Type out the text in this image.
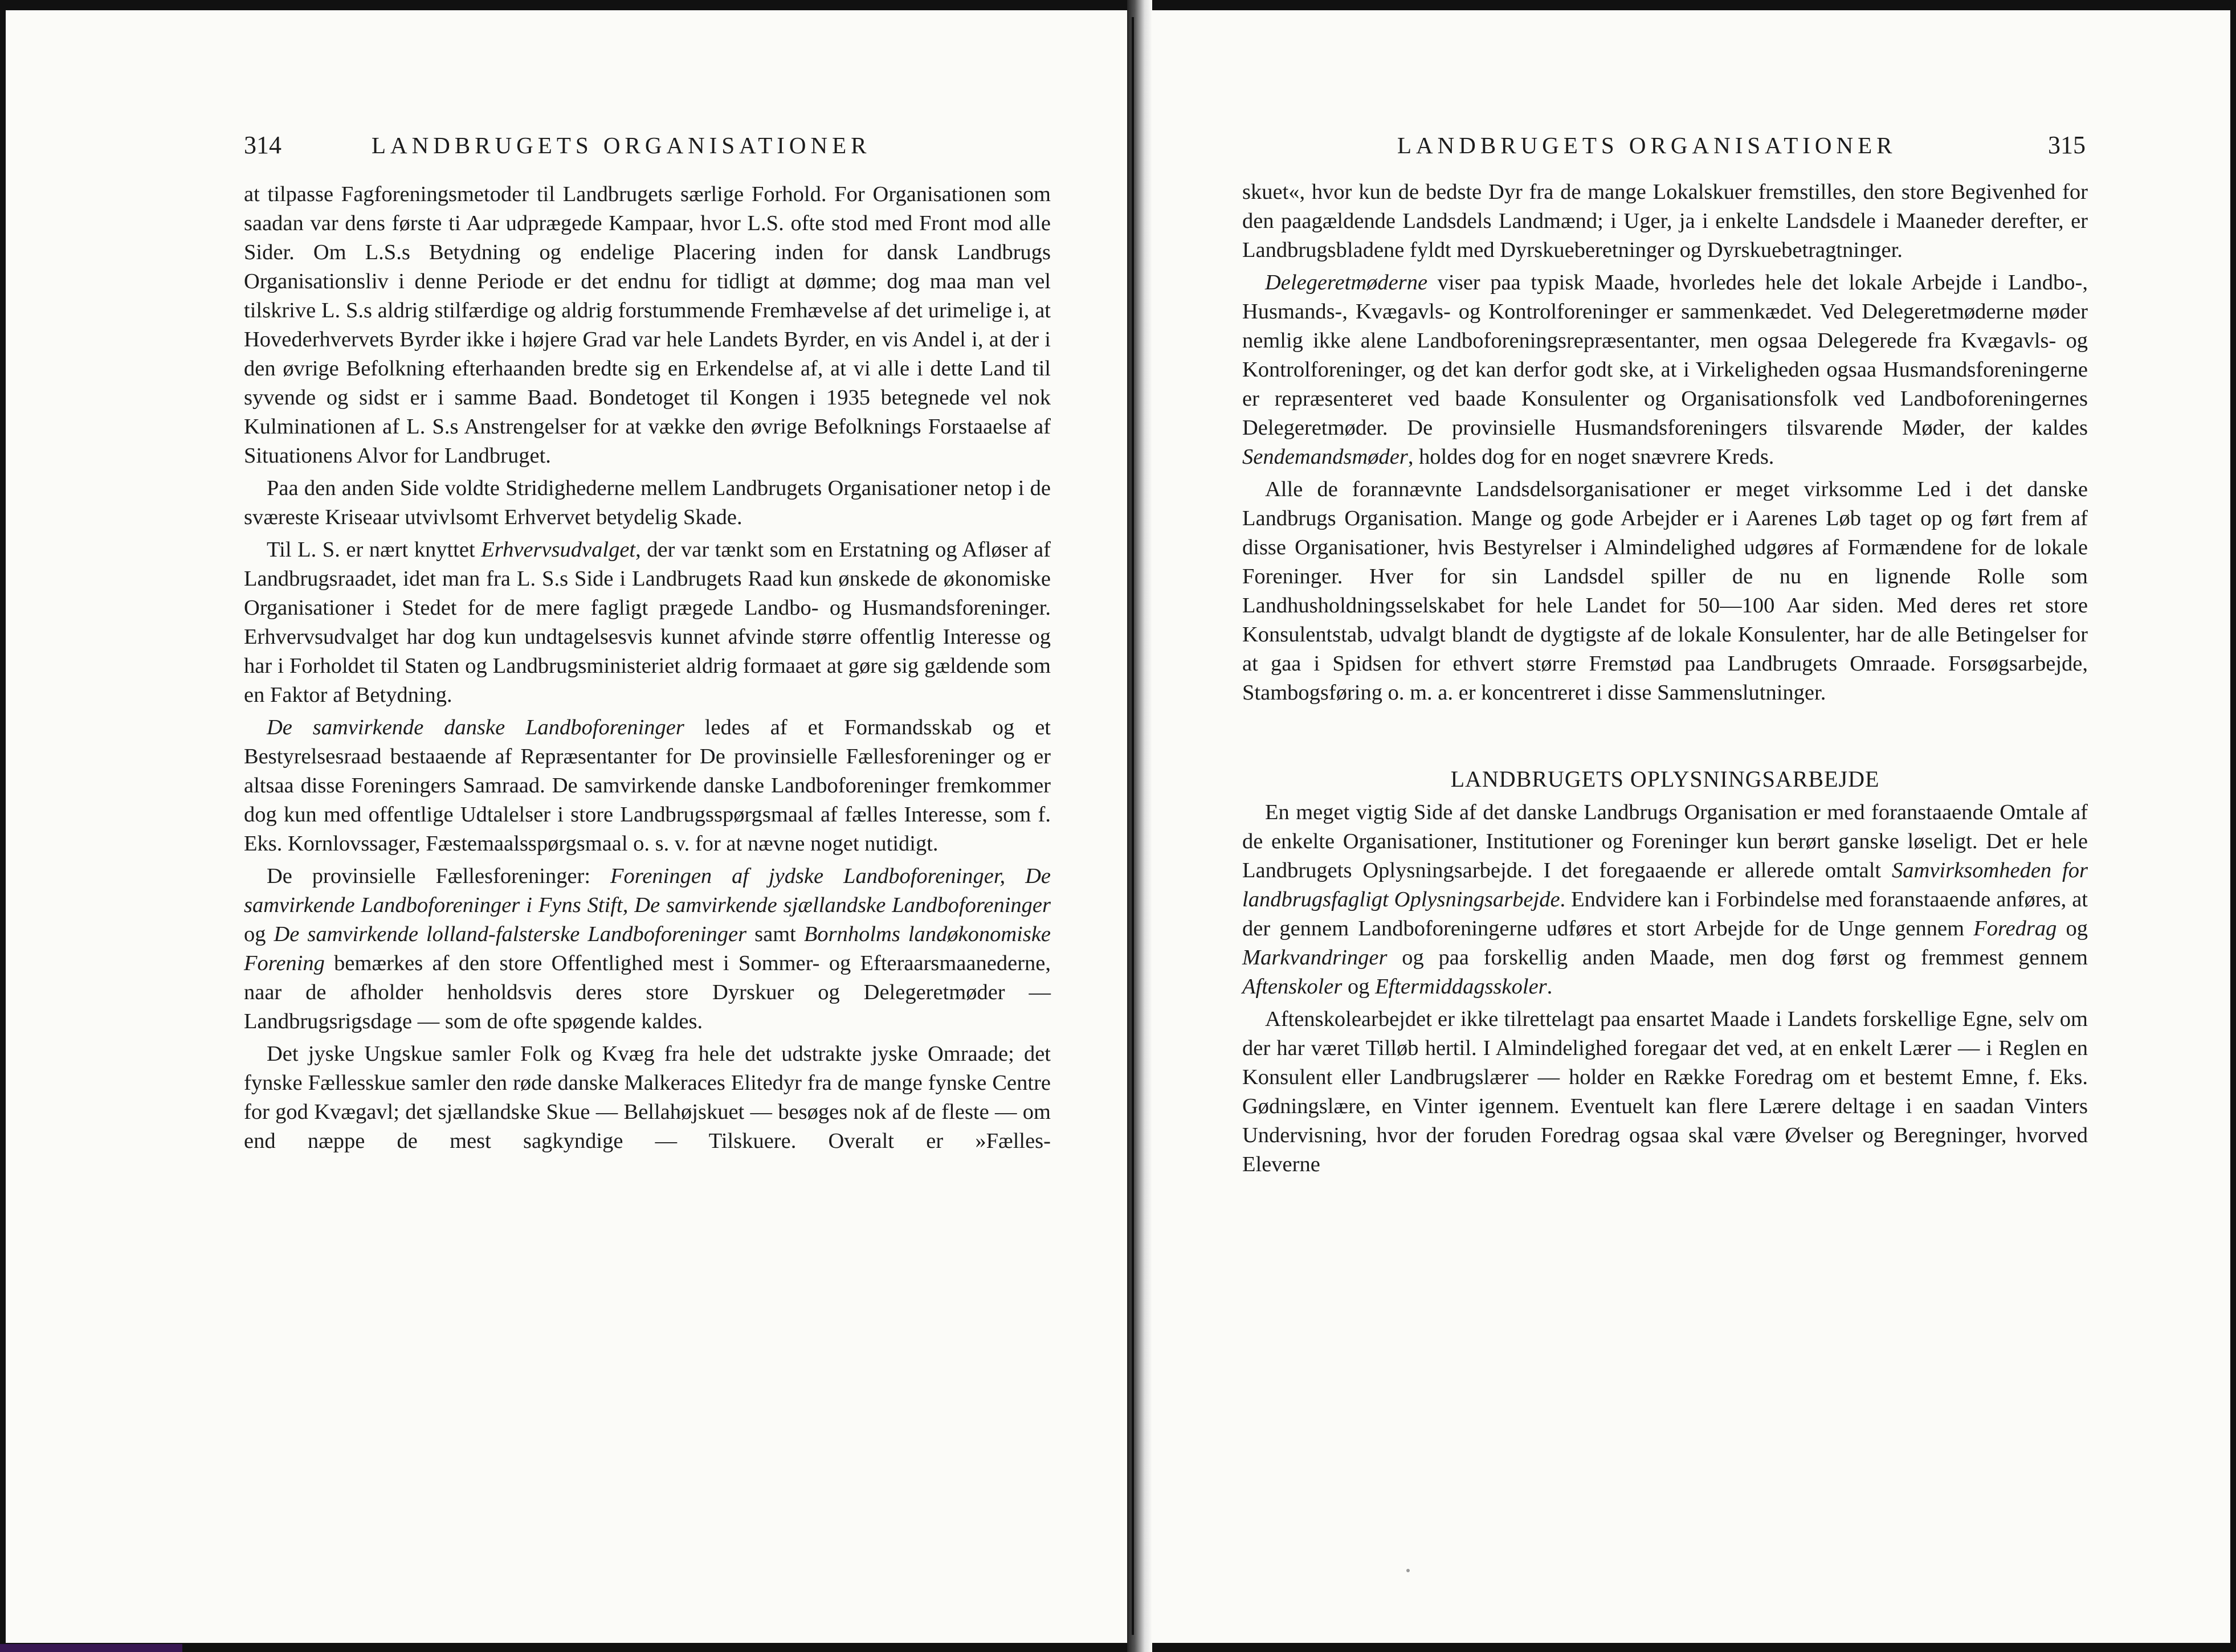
314	LANDBRUGETS ORGANISATIONER

at tilpasse Fagforeningsmetoder til Landbrugets særlige Forhold. For Organisationen som saadan var dens første ti Aar udprægede Kampaar, hvor L.S. ofte stod med Front mod alle Sider. Om L.S.s Betydning og endelige Placering inden for dansk Landbrugs Organisationsliv i denne Periode er det endnu for tidligt at dømme; dog maa man vel tilskrive L. S.s aldrig stilfærdige og aldrig forstummende Fremhævelse af det urimelige i, at Hovederhvervets Byrder ikke i højere Grad var hele Landets Byrder, en vis Andel i, at der i den øvrige Befolkning efterhaanden bredte sig en Erkendelse af, at vi alle i dette Land til syvende og sidst er i samme Baad. Bondetoget til Kongen i 1935 betegnede vel nok Kulminationen af L. S.s Anstrengelser for at vække den øvrige Befolknings Forstaaelse af Situationens Alvor for Landbruget.

Paa den anden Side voldte Stridighederne mellem Landbrugets Organisationer netop i de sværeste Kriseaar utvivlsomt Erhvervet betydelig Skade.

Til L. S. er nært knyttet Erhvervsudvalget, der var tænkt som en Erstatning og Afløser af Landbrugsraadet, idet man fra L. S.s Side i Landbrugets Raad kun ønskede de økonomiske Organisationer i Stedet for de mere fagligt prægede Landbo- og Husmandsforeninger. Erhvervsudvalget har dog kun undtagelsesvis kunnet afvinde større offentlig Interesse og har i Forholdet til Staten og Landbrugsministeriet aldrig formaaet at gøre sig gældende som en Faktor af Betydning.

De samvirkende danske Landboforeninger ledes af et Formandsskab og et Bestyrelsesraad bestaaende af Repræsentanter for De provinsielle Fællesforeninger og er altsaa disse Foreningers Samraad. De samvirkende danske Landboforeninger fremkommer dog kun med offentlige Udtalelser i store Landbrugsspørgsmaal af fælles Interesse, som f. Eks. Kornlovssager, Fæstemaalsspørgsmaal o. s. v. for at nævne noget nutidigt.

De provinsielle Fællesforeninger: Foreningen af jydske Landboforeninger, De samvirkende Landboforeninger i Fyns Stift, De samvirkende sjællandske Landboforeninger og De samvirkende lolland-falsterske Landboforeninger samt Bornholms landøkonomiske Forening bemærkes af den store Offentlighed mest i Sommer- og Efteraarsmaanederne, naar de afholder henholdsvis deres store Dyrskuer og Delegeretmøder — Landbrugsrigsdage — som de ofte spøgende kaldes.

Det jyske Ungskue samler Folk og Kvæg fra hele det udstrakte jyske Omraade; det fynske Fællesskue samler den røde danske Malkeraces Elitedyr fra de mange fynske Centre for god Kvægavl; det sjællandske Skue — Bellahøjskuet — besøges nok af de fleste — om end næppe de mest sagkyndige — Tilskuere. Overalt er »Fælles-

LANDBRUGETS ORGANISATIONER	315

skuet«, hvor kun de bedste Dyr fra de mange Lokalskuer fremstilles, den store Begivenhed for den paagældende Landsdels Landmænd; i Uger, ja i enkelte Landsdele i Maaneder derefter, er Landbrugsbladene fyldt med Dyrskueberetninger og Dyrskuebetragtninger.

Delegeretmøderne viser paa typisk Maade, hvorledes hele det lokale Arbejde i Landbo-, Husmands-, Kvægavls- og Kontrolforeninger er sammenkædet. Ved Delegeretmøderne møder nemlig ikke alene Landboforeningsrepræsentanter, men ogsaa Delegerede fra Kvægavls- og Kontrolforeninger, og det kan derfor godt ske, at i Virkeligheden ogsaa Husmandsforeningerne er repræsenteret ved baade Konsulenter og Organisationsfolk ved Landboforeningernes Delegeretmøder. De provinsielle Husmandsforeningers tilsvarende Møder, der kaldes Sendemandsmøder, holdes dog for en noget snævrere Kreds.

Alle de forannævnte Landsdelsorganisationer er meget virksomme Led i det danske Landbrugs Organisation. Mange og gode Arbejder er i Aarenes Løb taget op og ført frem af disse Organisationer, hvis Bestyrelser i Almindelighed udgøres af Formændene for de lokale Foreninger. Hver for sin Landsdel spiller de nu en lignende Rolle som Landhusholdningsselskabet for hele Landet for 50—100 Aar siden. Med deres ret store Konsulentstab, udvalgt blandt de dygtigste af de lokale Konsulenter, har de alle Betingelser for at gaa i Spidsen for ethvert større Fremstød paa Landbrugets Omraade. Forsøgsarbejde, Stambogsføring o. m. a. er koncentreret i disse Sammenslutninger.

LANDBRUGETS OPLYSNINGSARBEJDE

En meget vigtig Side af det danske Landbrugs Organisation er med foranstaaende Omtale af de enkelte Organisationer, Institutioner og Foreninger kun berørt ganske løseligt. Det er hele Landbrugets Oplysningsarbejde. I det foregaaende er allerede omtalt Samvirksomheden for landbrugsfagligt Oplysningsarbejde. Endvidere kan i Forbindelse med foranstaaende anføres, at der gennem Landboforeningerne udføres et stort Arbejde for de Unge gennem Foredrag og Markvandringer og paa forskellig anden Maade, men dog først og fremmest gennem Aftenskoler og Eftermiddagsskoler.

Aftenskolearbejdet er ikke tilrettelagt paa ensartet Maade i Landets forskellige Egne, selv om der har været Tilløb hertil. I Almindelighed foregaar det ved, at en enkelt Lærer — i Reglen en Konsulent eller Landbrugslærer — holder en Række Foredrag om et bestemt Emne, f. Eks. Gødningslære, en Vinter igennem. Eventuelt kan flere Lærere deltage i en saadan Vinters Undervisning, hvor der foruden Foredrag ogsaa skal være Øvelser og Beregninger, hvorved Eleverne
